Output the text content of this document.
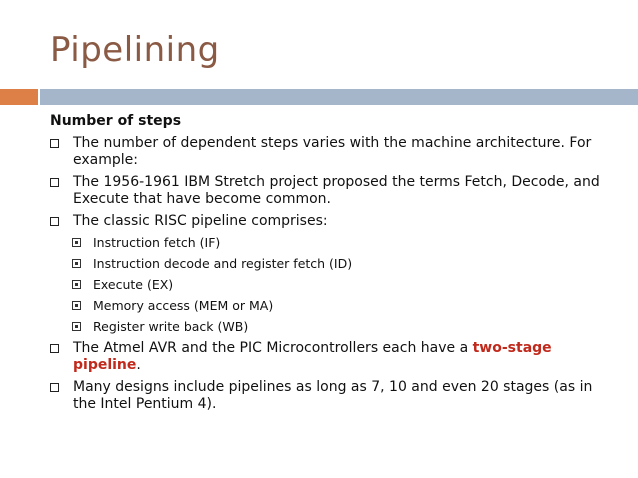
Pipelining
Number of steps
The number of dependent steps varies with the machine architecture. For example:
The 1956-1961 IBM Stretch project proposed the terms Fetch, Decode, and Execute that have become common.
The classic RISC pipeline comprises:
Instruction fetch (IF)
Instruction decode and register fetch (ID)
Execute (EX)
Memory access (MEM or MA)
Register write back (WB)
The Atmel AVR and the PIC Microcontrollers each have a two-stage pipeline.
Many designs include pipelines as long as 7, 10 and even 20 stages (as in the Intel Pentium 4).
